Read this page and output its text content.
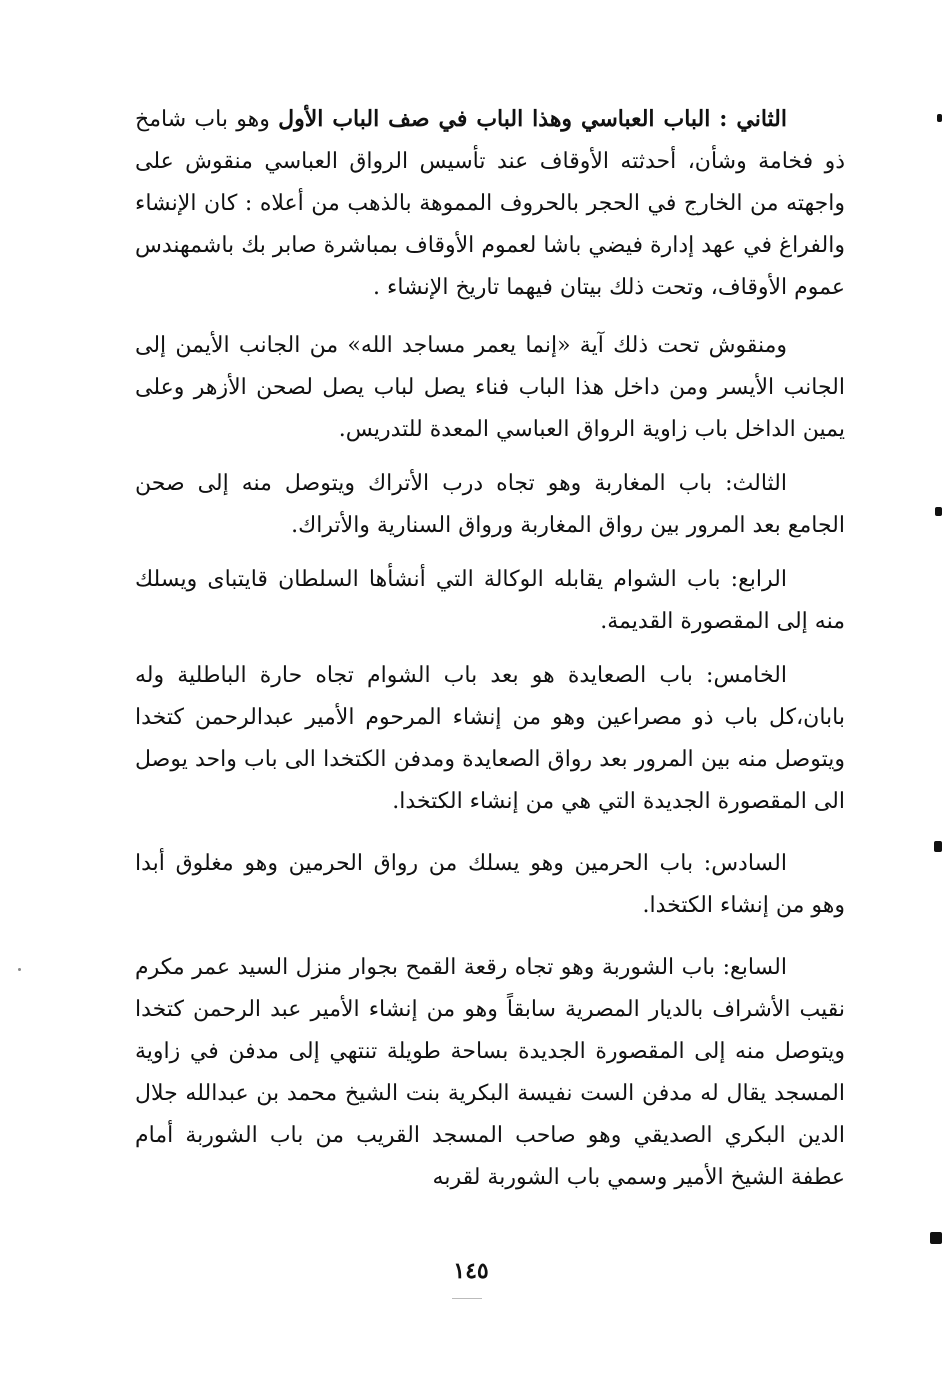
الثاني : الباب العباسي وهذا الباب في صف الباب الأول وهو باب شامخ ذو فخامة وشأن، أحدثته الأوقاف عند تأسيس الرواق العباسي منقوش على واجهته من الخارج في الحجر بالحروف المموهة بالذهب من أعلاه : كان الإنشاء والفراغ في عهد إدارة فيضي باشا لعموم الأوقاف بمباشرة صابر بك باشمهندس عموم الأوقاف، وتحت ذلك بيتان فيهما تاريخ الإنشاء .

ومنقوش تحت ذلك آية «إنما يعمر مساجد الله» من الجانب الأيمن إلى الجانب الأيسر ومن داخل هذا الباب فناء يصل لباب يصل لصحن الأزهر وعلى يمين الداخل باب زاوية الرواق العباسي المعدة للتدريس.

الثالث: باب المغاربة وهو تجاه درب الأتراك ويتوصل منه إلى صحن الجامع بعد المرور بين رواق المغاربة ورواق السنارية والأتراك.

الرابع: باب الشوام يقابله الوكالة التي أنشأها السلطان قايتباى ويسلك منه إلى المقصورة القديمة.

الخامس: باب الصعايدة هو بعد باب الشوام تجاه حارة الباطلية وله بابان،كل باب ذو مصراعين وهو من إنشاء المرحوم الأمير عبدالرحمن كتخدا ويتوصل منه بين المرور بعد رواق الصعايدة ومدفن الكتخدا الى باب واحد يوصل الى المقصورة الجديدة التي هي من إنشاء الكتخدا.

السادس: باب الحرمين وهو يسلك من رواق الحرمين وهو مغلوق أبدا وهو من إنشاء الكتخدا.

السابع: باب الشوربة وهو تجاه رقعة القمح بجوار منزل السيد عمر مكرم نقيب الأشراف بالديار المصرية سابقاً وهو من إنشاء الأمير عبد الرحمن كتخدا ويتوصل منه إلى المقصورة الجديدة بساحة طويلة تنتهي إلى مدفن في زاوية المسجد يقال له مدفن الست نفيسة البكرية بنت الشيخ محمد بن عبدالله جلال الدين البكري الصديقي وهو صاحب المسجد القريب من باب الشوربة أمام عطفة الشيخ الأمير وسمي باب الشوربة لقربه

١٤٥
